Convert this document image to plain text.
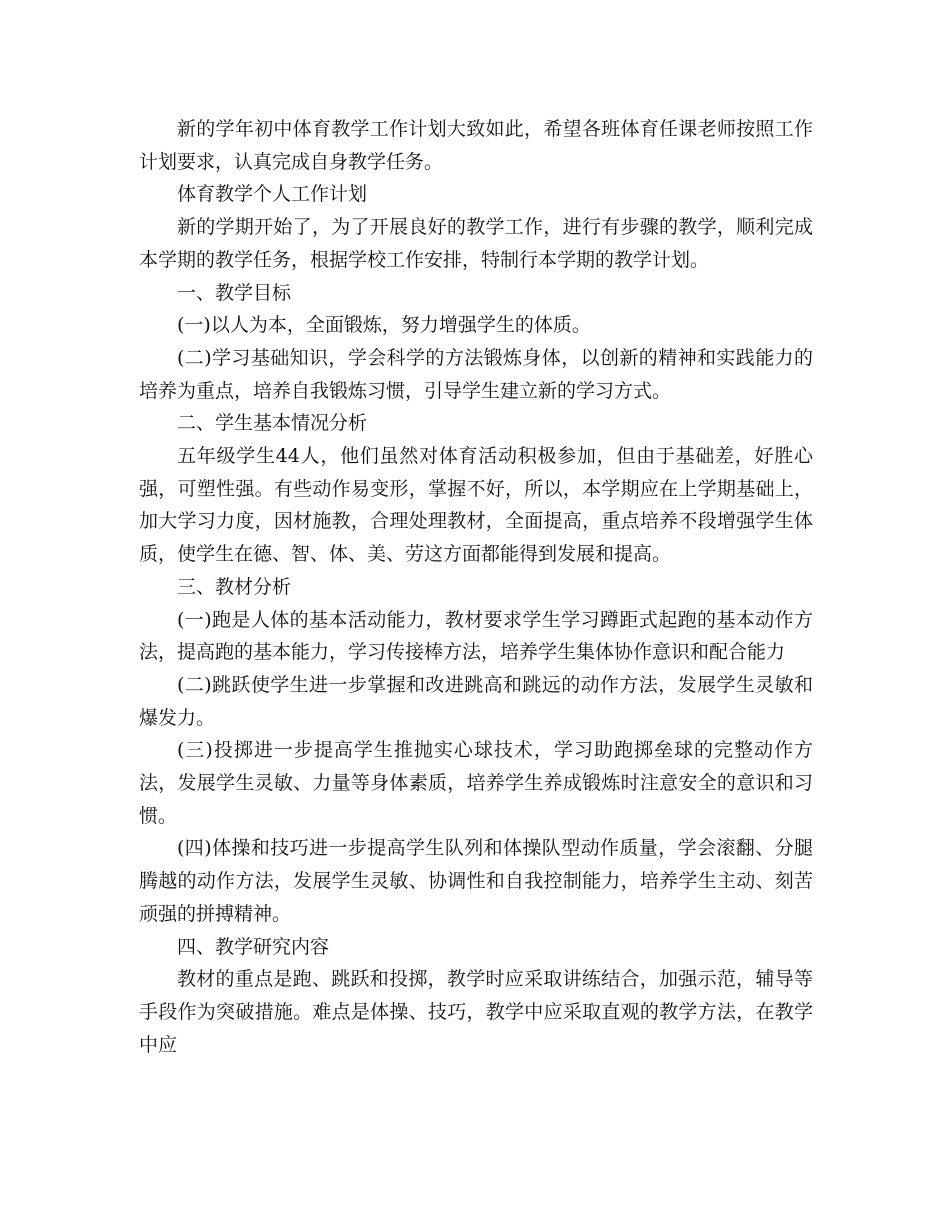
新的学年初中体育教学工作计划大致如此，希望各班体育任课老师按照工作计划要求，认真完成自身教学任务。

体育教学个人工作计划

新的学期开始了，为了开展良好的教学工作，进行有步骤的教学，顺利完成本学期的教学任务，根据学校工作安排，特制行本学期的教学计划。

一、教学目标

(一)以人为本，全面锻炼，努力增强学生的体质。

(二)学习基础知识，学会科学的方法锻炼身体，以创新的精神和实践能力的培养为重点，培养自我锻炼习惯，引导学生建立新的学习方式。

二、学生基本情况分析

五年级学生44人，他们虽然对体育活动积极参加，但由于基础差，好胜心强，可塑性强。有些动作易变形，掌握不好，所以，本学期应在上学期基础上，加大学习力度，因材施教，合理处理教材，全面提高，重点培养不段增强学生体质，使学生在德、智、体、美、劳这方面都能得到发展和提高。

三、教材分析

(一)跑是人体的基本活动能力，教材要求学生学习蹲距式起跑的基本动作方法，提高跑的基本能力，学习传接棒方法，培养学生集体协作意识和配合能力

(二)跳跃使学生进一步掌握和改进跳高和跳远的动作方法，发展学生灵敏和爆发力。

(三)投掷进一步提高学生推抛实心球技术，学习助跑掷垒球的完整动作方法，发展学生灵敏、力量等身体素质，培养学生养成锻炼时注意安全的意识和习惯。

(四)体操和技巧进一步提高学生队列和体操队型动作质量，学会滚翻、分腿腾越的动作方法，发展学生灵敏、协调性和自我控制能力，培养学生主动、刻苦顽强的拼搏精神。

四、教学研究内容

教材的重点是跑、跳跃和投掷，教学时应采取讲练结合，加强示范，辅导等手段作为突破措施。难点是体操、技巧，教学中应采取直观的教学方法，在教学中应
